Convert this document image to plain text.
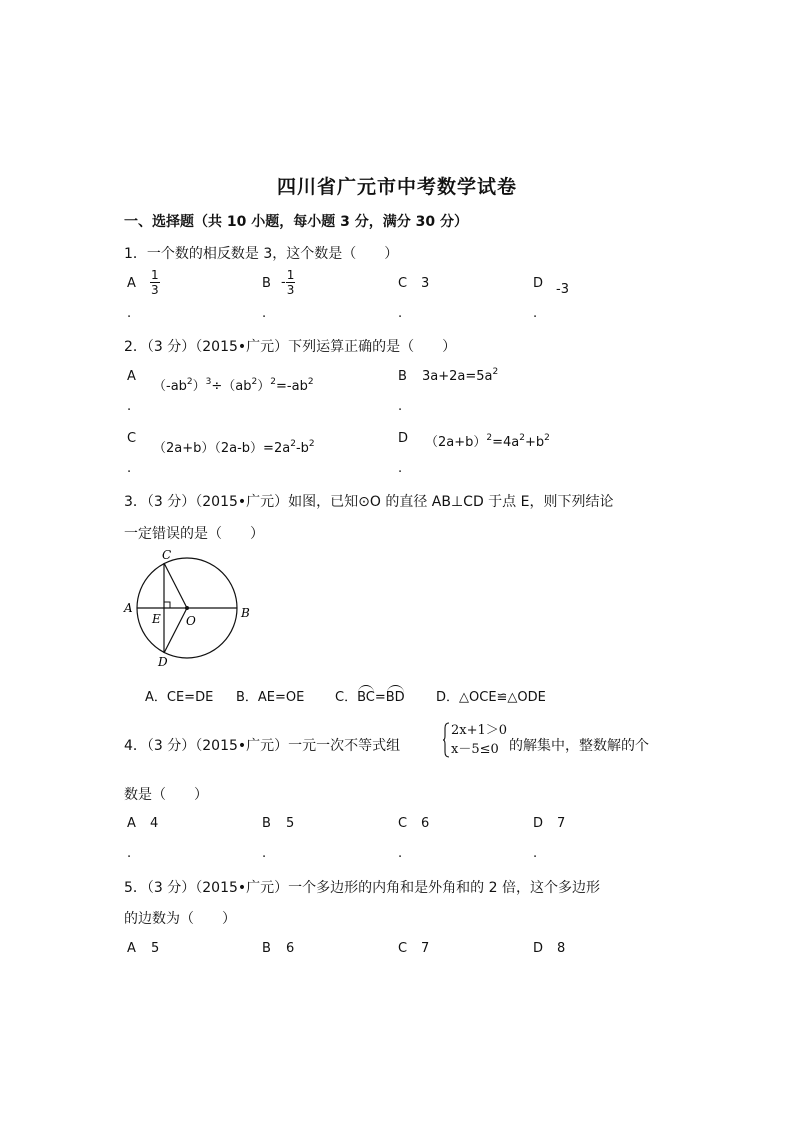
四川省广元市中考数学试卷
一、选择题（共 10 小题，每小题 3 分，满分 30 分）
1．一个数的相反数是 3，这个数是（　　）
A $\frac{1}{3}$
.
B - $\frac{1}{3}$
.
C 3
.
D -3
.
2．（3 分）（2015•广元）下列运算正确的是（　　）
A
$(-ab^2)^3\div(ab^2)^2=-ab^2$
.
B $3a+2a=5a^2$
.
C
$(2a+b)(2a-b)=2a^2-b^2$
.
D $(2a+b)^2=4a^2+b^2$
.
3．（3 分）（2015•广元）如图，已知⊙O 的直径 AB⊥CD 于点 E，则下列结论
一定错误的是（　　）
A	B
C
D
E O
A．CE=DE B．AE=OE C．BC=BD D．△OCE≌△ODE
4．（3 分）（2015•广元）一元一次不等式组
2x+1＞0
x－5≤0 的解集中，整数解的个
数是（　　）
A 4
.
B 5
.
C 6
.
D 7
.
5．（3 分）（2015•广元）一个多边形的内角和是外角和的 2 倍，这个多边形
的边数为（　　）
A 5	B 6	C 7	D 8
